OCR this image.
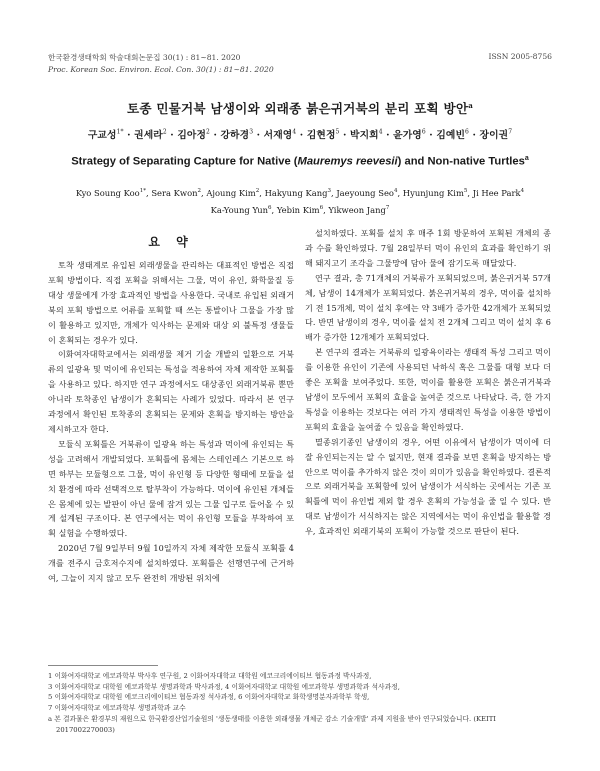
한국환경생태학회 학술대회논문집 30(1) : 81~81. 2020
Proc. Korean Soc. Environ. Ecol. Con. 30(1) : 81~81. 2020
ISSN 2005-8756
토종 민물거북 남생이와 외래종 붉은귀거북의 분리 포획 방안$^a$
구교성$^{1*}$ · 권세라$^2$ · 김아정$^2$ · 강하경$^3$ · 서재영$^4$ · 김현정$^5$ · 박지희$^4$ · 윤가영$^6$ · 김예빈$^6$ · 장이권$^7$
Strategy of Separating Capture for Native (Mauremys reevesii) and Non-native Turtles$^a$
Kyo Soung Koo$^{1*}$, Sera Kwon$^2$, Ajoung Kim$^2$, Hakyung Kang$^3$, Jaeyoung Seo$^4$, Hyunjung Kim$^5$, Ji Hee Park$^4$
Ka-Young Yun$^6$, Yebin Kim$^6$, Yikweon Jang$^7$
요 약

토착 생태계로 유입된 외래생물을 관리하는 대표적인 방법은 직접 포획 방법이다. 직접 포획을 위해서는 그물, 먹이 유인, 화학물질 등 대상 생물에게 가장 효과적인 방법을 사용한다. 국내로 유입된 외래거북의 포획 방법으로 어류를 포획할 때 쓰는 통발이나 그물을 가장 많이 활용하고 있지만, 개체가 익사하는 문제와 대상 외 불특정 생물들이 혼획되는 경우가 있다.

이화여자대학교에서는 외래생물 제거 기술 개발의 일환으로 거북류의 일광욕 및 먹이에 유인되는 특성을 적용하여 자체 제작한 포획틀을 사용하고 있다. 하지만 연구 과정에서도 대상종인 외래거북류 뿐만아니라 토착종인 남생이가 혼획되는 사례가 있었다. 따라서 본 연구 과정에서 확인된 토착종의 혼획되는 문제와 혼획을 방지하는 방안을 제시하고자 한다.

모듈식 포획틀은 거북류이 일광욕 하는 특성과 먹이에 유인되는 특성을 고려해서 개발되었다. 포획틀에 몸체는 스테인레스 기본으로 하면 하부는 모듈형으로 그물, 먹이 유인형 등 다양한 형태에 모듈을 설치 환경에 따라 선택적으로 탈부착이 가능하다. 먹이에 유인된 개체들은 몸체에 있는 발판이 아닌 물에 잠겨 있는 그물 입구로 들어올 수 있게 설계된 구조이다. 본 연구에서는 먹이 유인형 모듈을 부착하여 포획 실험을 수행하였다.

2020년 7월 9일부터 9월 10일까지 자체 제작한 모듈식 포획틀 4개를 전주시 금호저수지에 설치하였다. 포획틀은 선행연구에 근거하여, 그늘이 지지 않고 모두 완전히 개방된 위치에

설치하였다. 포획틀 설치 후 매주 1회 방문하여 포획된 개체의 종과 수를 확인하였다. 7월 28일부터 먹이 유인의 효과를 확인하기 위해 돼지고기 조각을 그물망에 담아 물에 잠기도록 매달았다.

연구 결과, 총 71개체의 거북류가 포획되었으며, 붉은귀거북 57개체, 남생이 14개체가 포획되었다. 붉은귀거북의 경우, 먹이를 설치하기 전 15개체, 먹이 설치 후에는 약 3배가 증가한 42개체가 포획되었다. 반면 남생이의 경우, 먹이를 설치 전 2개체 그리고 먹이 설치 후 6배가 증가한 12개체가 포획되었다.

본 연구의 결과는 거북류의 일광욕이라는 생태적 특성 그리고 먹이를 이용한 유인이 기존에 사용되던 낙하식 혹은 그물틀 대형 보다 더 좋은 포획율 보여주었다. 또한, 먹이를 활용한 포획은 붉은귀거북과 남생이 모두에서 포획의 효율을 높여준 것으로 나타났다. 즉, 한 가지 특성을 이용하는 것보다는 여러 가지 생태적인 특성을 이용한 방법이 포획의 효율을 높여줄 수 있음을 확인하였다.

멸종위기종인 남생이의 경우, 어떤 이유에서 남생이가 먹이에 더 잘 유인되는지는 알 수 없지만, 현재 결과를 보면 혼획을 방지하는 방안으로 먹이를 추가하지 않은 것이 의미가 있음을 확인하였다. 결론적으로 외래거북을 포획함에 있어 남생이가 서식하는 곳에서는 기존 포획틀에 먹이 유인법 제외 할 경우 혼획의 가능성을 줄 일 수 있다. 반대로 남생이가 서식하지는 않은 지역에서는 먹이 유인법을 활용할 경우, 효과적인 외래기북의 포획이 가능할 것으로 판단이 된다.

1 이화여자대학교 에코과학부 박사후 연구원, 2 이화여자대학교 대학원 에코크리에이티브 협동과정 박사과정,
3 이화여자대학교 대학원 에코과학부 생명과학과 박사과정, 4 이화여자대학교 대학원 에코과학부 생명과학과 석사과정,
5 이화여자대학교 대학원 에코크리에이티브 협동과정 석사과정, 6 이화여자대학교 화학생명분자과학부 학생,
7 이화여자대학교 에코과학부 생명과학과 교수
a 본 결과물은 환경부의 재원으로 한국환경산업기술원의 '생동생태를 이용한 외래생물 개체군 감소 기술개발' 과제 지원을 받아 연구되었습니다. (KEITI 2017002270003)
